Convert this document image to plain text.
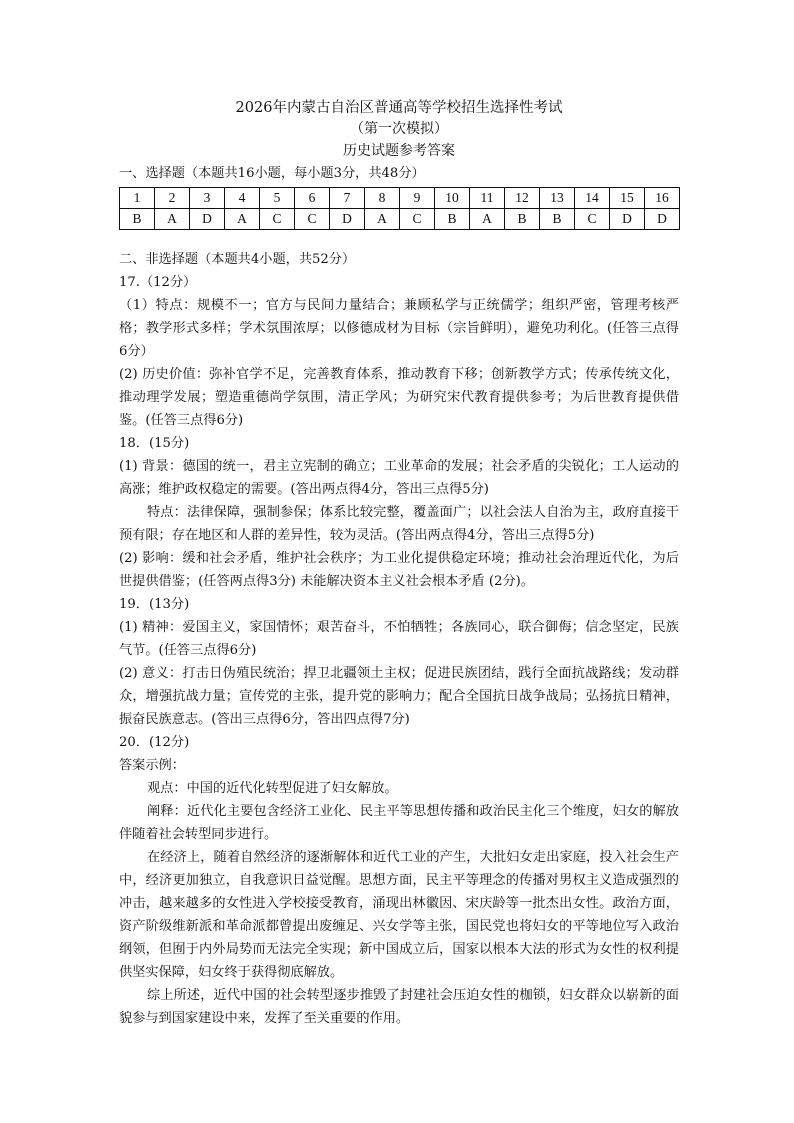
2026年内蒙古自治区普通高等学校招生选择性考试
（第一次模拟）
历史试题参考答案
一、选择题（本题共16小题，每小题3分，共48分）
1	2	3	4	5	6	7	8	9	10	11	12	13	14	15	16
B	A	D	A	C	C	D	A	C	B	A	B	B	C	D	D
二、非选择题（本题共4小题，共52分）
17.（12分）
（1）特点：规模不一；官方与民间力量结合；兼顾私学与正统儒学；组织严密，管理考核严格；教学形式多样；学术氛围浓厚；以修德成材为目标（宗旨鲜明），避免功利化。(任答三点得6分）
(2) 历史价值：弥补官学不足，完善教育体系，推动教育下移；创新教学方式；传承传统文化，推动理学发展；塑造重德尚学氛围，清正学风；为研究宋代教育提供参考；为后世教育提供借鉴。(任答三点得6分)
18．(15分)
(1) 背景：德国的统一，君主立宪制的确立；工业革命的发展；社会矛盾的尖锐化；工人运动的高涨；维护政权稳定的需要。(答出两点得4分，答出三点得5分)
特点：法律保障，强制参保；体系比较完整，覆盖面广；以社会法人自治为主，政府直接干预有限；存在地区和人群的差异性，较为灵活。(答出两点得4分，答出三点得5分)
(2) 影响：缓和社会矛盾，维护社会秩序；为工业化提供稳定环境；推动社会治理近代化，为后世提供借鉴；(任答两点得3分) 未能解决资本主义社会根本矛盾 (2分)。
19．(13分)
(1) 精神：爱国主义，家国情怀；艰苦奋斗，不怕牺牲；各族同心，联合御侮；信念坚定，民族气节。(任答三点得6分)
(2) 意义：打击日伪殖民统治；捍卫北疆领土主权；促进民族团结，践行全面抗战路线；发动群众，增强抗战力量；宣传党的主张，提升党的影响力；配合全国抗日战争战局；弘扬抗日精神，振奋民族意志。(答出三点得6分，答出四点得7分)
20．(12分)
答案示例：
观点：中国的近代化转型促进了妇女解放。
阐释：近代化主要包含经济工业化、民主平等思想传播和政治民主化三个维度，妇女的解放伴随着社会转型同步进行。
在经济上，随着自然经济的逐渐解体和近代工业的产生，大批妇女走出家庭，投入社会生产中，经济更加独立，自我意识日益觉醒。思想方面，民主平等理念的传播对男权主义造成强烈的冲击，越来越多的女性进入学校接受教育，涌现出林徽因、宋庆龄等一批杰出女性。政治方面，资产阶级维新派和革命派都曾提出废缠足、兴女学等主张，国民党也将妇女的平等地位写入政治纲领，但囿于内外局势而无法完全实现；新中国成立后，国家以根本大法的形式为女性的权利提供坚实保障，妇女终于获得彻底解放。
综上所述，近代中国的社会转型逐步推毁了封建社会压迫女性的枷锁，妇女群众以崭新的面貌参与到国家建设中来，发挥了至关重要的作用。
